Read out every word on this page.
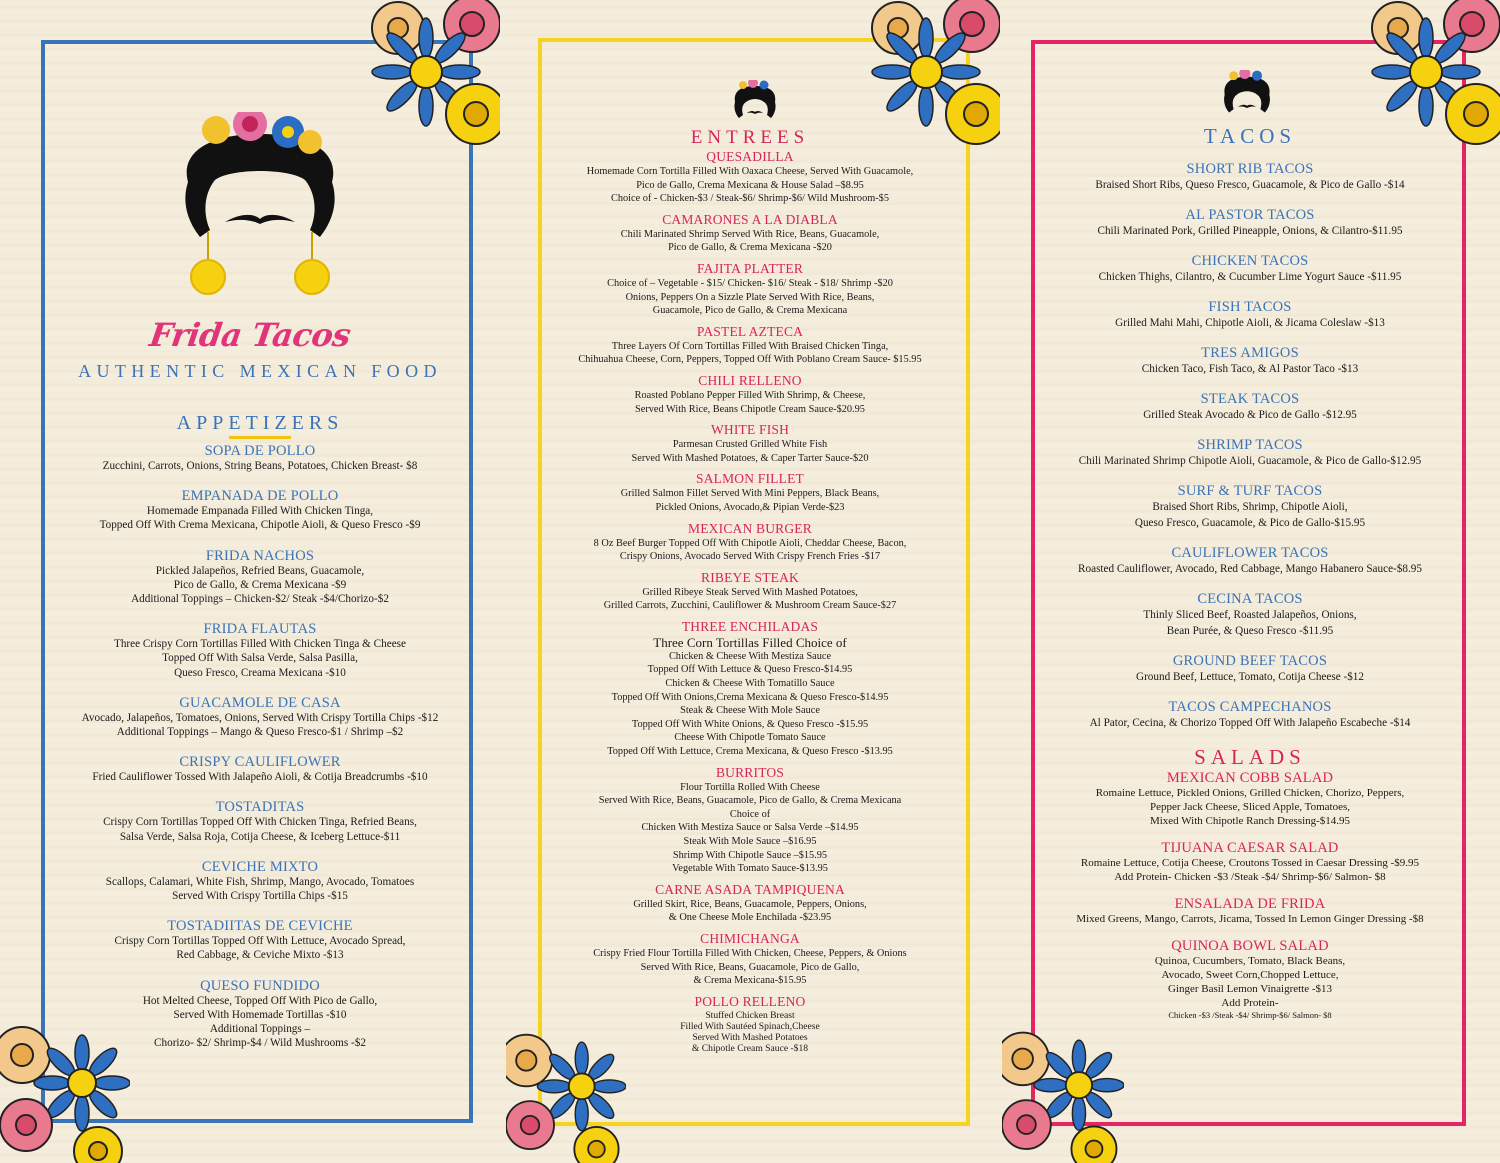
Frida Tacos
AUTHENTIC MEXICAN FOOD
APPETIZERS
SOPA DE POLLO
Zucchini, Carrots, Onions, String Beans, Potatoes, Chicken Breast- $8
EMPANADA DE POLLO
Homemade Empanada Filled With Chicken Tinga,
Topped Off With Crema Mexicana, Chipotle Aioli, & Queso Fresco -$9
FRIDA NACHOS
Pickled Jalapeños, Refried Beans, Guacamole,
Pico de Gallo, & Crema Mexicana -$9
Additional Toppings – Chicken-$2/ Steak -$4/Chorizo-$2
FRIDA FLAUTAS
Three Crispy Corn Tortillas Filled With Chicken Tinga & Cheese
Topped Off With Salsa Verde, Salsa Pasilla,
Queso Fresco, Creama Mexicana -$10
GUACAMOLE DE CASA
Avocado, Jalapeños, Tomatoes, Onions, Served With Crispy Tortilla Chips -$12
Additional Toppings – Mango & Queso Fresco-$1 / Shrimp –$2
CRISPY CAULIFLOWER
Fried Cauliflower Tossed With Jalapeño Aioli, & Cotija Breadcrumbs -$10
TOSTADITAS
Crispy Corn Tortillas Topped Off With Chicken Tinga, Refried Beans,
Salsa Verde, Salsa Roja, Cotija Cheese, & Iceberg Lettuce-$11
CEVICHE MIXTO
Scallops, Calamari, White Fish, Shrimp, Mango, Avocado, Tomatoes
Served With Crispy Tortilla Chips -$15
TOSTADIITAS DE CEVICHE
Crispy Corn Tortillas Topped Off With Lettuce, Avocado Spread,
Red Cabbage, & Ceviche Mixto -$13
QUESO FUNDIDO
Hot Melted Cheese, Topped Off With Pico de Gallo,
Served With Homemade Tortillas -$10
Additional Toppings –
Chorizo- $2/ Shrimp-$4 / Wild Mushrooms -$2
ENTREES
QUESADILLA
Homemade Corn Tortilla Filled With Oaxaca Cheese, Served With Guacamole,
Pico de Gallo, Crema Mexicana & House Salad –$8.95
Choice of - Chicken-$3 / Steak-$6/ Shrimp-$6/ Wild Mushroom-$5
CAMARONES A LA DIABLA
Chili Marinated Shrimp Served With Rice, Beans, Guacamole,
Pico de Gallo, & Crema Mexicana -$20
FAJITA PLATTER
Choice of – Vegetable - $15/ Chicken- $16/ Steak - $18/ Shrimp -$20
Onions, Peppers On a Sizzle Plate Served With Rice, Beans,
Guacamole, Pico de Gallo, & Crema Mexicana
PASTEL AZTECA
Three Layers Of Corn Tortillas Filled With Braised Chicken Tinga,
Chihuahua Cheese, Corn, Peppers, Topped Off With Poblano Cream Sauce- $15.95
CHILI RELLENO
Roasted Poblano Pepper Filled With Shrimp, & Cheese,
Served With Rice, Beans Chipotle Cream Sauce-$20.95
WHITE FISH
Parmesan Crusted Grilled White Fish
Served With Mashed Potatoes, & Caper Tarter Sauce-$20
SALMON FILLET
Grilled Salmon Fillet Served With Mini Peppers, Black Beans,
Pickled Onions, Avocado,& Pipian Verde-$23
MEXICAN BURGER
8 Oz Beef Burger Topped Off With Chipotle Aioli, Cheddar Cheese, Bacon,
Crispy Onions, Avocado Served With Crispy French Fries -$17
RIBEYE STEAK
Grilled Ribeye Steak Served With Mashed Potatoes,
Grilled Carrots, Zucchini, Cauliflower & Mushroom Cream Sauce-$27
THREE ENCHILADAS
Three Corn Tortillas Filled Choice of
Chicken & Cheese With Mestiza Sauce
Topped Off With Lettuce & Queso Fresco-$14.95
Chicken & Cheese With Tomatillo Sauce
Topped Off With Onions,Crema Mexicana & Queso Fresco-$14.95
Steak & Cheese With Mole Sauce
Topped Off With White Onions, & Queso Fresco -$15.95
Cheese With Chipotle Tomato Sauce
Topped Off With Lettuce, Crema Mexicana, & Queso Fresco -$13.95
BURRITOS
Flour Tortilla Rolled With Cheese
Served With Rice, Beans, Guacamole, Pico de Gallo, & Crema Mexicana
Choice of
Chicken With Mestiza Sauce or Salsa Verde –$14.95
Steak With Mole Sauce –$16.95
Shrimp With Chipotle Sauce –$15.95
Vegetable With Tomato Sauce-$13.95
CARNE ASADA TAMPIQUENA
Grilled Skirt, Rice, Beans, Guacamole, Peppers, Onions,
& One Cheese Mole Enchilada -$23.95
CHIMICHANGA
Crispy Fried Flour Tortilla Filled With Chicken, Cheese, Peppers, & Onions
Served With Rice, Beans, Guacamole, Pico de Gallo,
& Crema Mexicana-$15.95
POLLO RELLENO
Stuffed Chicken Breast
Filled With Sautéed Spinach,Cheese
Served With Mashed Potatoes
& Chipotle Cream Sauce -$18
TACOS
SHORT RIB TACOS
Braised Short Ribs, Queso Fresco, Guacamole, & Pico de Gallo -$14
AL PASTOR TACOS
Chili Marinated Pork, Grilled Pineapple, Onions, & Cilantro-$11.95
CHICKEN TACOS
Chicken Thighs, Cilantro, & Cucumber Lime Yogurt Sauce -$11.95
FISH TACOS
Grilled Mahi Mahi, Chipotle Aioli, & Jicama Coleslaw -$13
TRES AMIGOS
Chicken Taco, Fish Taco, & Al Pastor Taco -$13
STEAK TACOS
Grilled Steak Avocado & Pico de Gallo -$12.95
SHRIMP TACOS
Chili Marinated Shrimp Chipotle Aioli, Guacamole, & Pico de Gallo-$12.95
SURF & TURF TACOS
Braised Short Ribs, Shrimp, Chipotle Aioli,
Queso Fresco, Guacamole, & Pico de Gallo-$15.95
CAULIFLOWER TACOS
Roasted Cauliflower, Avocado, Red Cabbage, Mango Habanero Sauce-$8.95
CECINA TACOS
Thinly Sliced Beef, Roasted Jalapeños, Onions,
Bean Purée, & Queso Fresco -$11.95
GROUND BEEF TACOS
Ground Beef, Lettuce, Tomato, Cotija Cheese -$12
TACOS CAMPECHANOS
Al Pator, Cecina, & Chorizo Topped Off With Jalapeño Escabeche -$14
SALADS
MEXICAN COBB SALAD
Romaine Lettuce, Pickled Onions, Grilled Chicken, Chorizo, Peppers,
Pepper Jack Cheese, Sliced Apple, Tomatoes,
Mixed With Chipotle Ranch Dressing-$14.95
TIJUANA CAESAR SALAD
Romaine Lettuce, Cotija Cheese, Croutons Tossed in Caesar Dressing -$9.95
Add Protein- Chicken -$3 /Steak -$4/ Shrimp-$6/ Salmon- $8
ENSALADA DE FRIDA
Mixed Greens, Mango, Carrots, Jicama, Tossed In Lemon Ginger Dressing -$8
QUINOA BOWL SALAD
Quinoa, Cucumbers, Tomato, Black Beans,
Avocado, Sweet Corn,Chopped Lettuce,
Ginger Basil Lemon Vinaigrette -$13
Add Protein-
Chicken -$3 /Steak -$4/ Shrimp-$6/ Salmon- $8
